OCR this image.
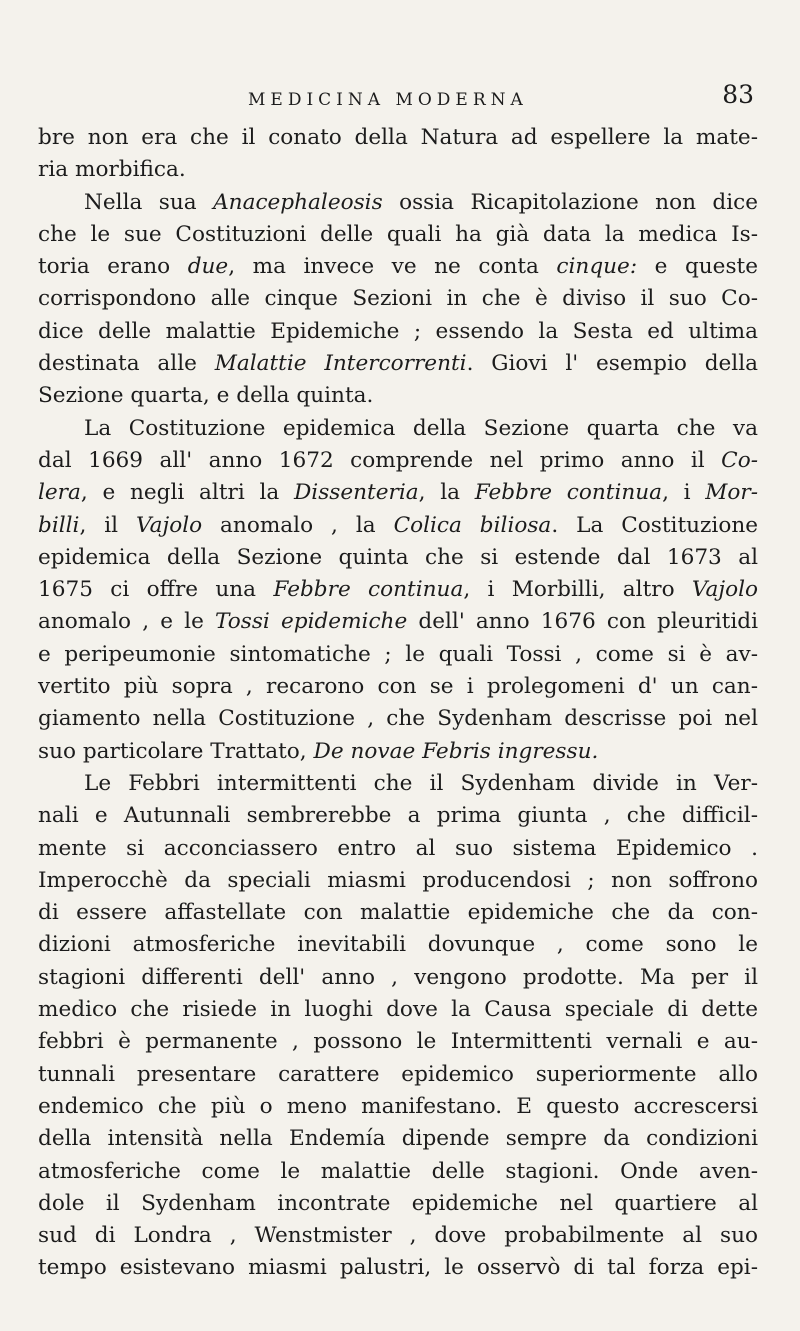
MEDICINA MODERNA	83
bre non era che il conato della Natura ad espellere la mate-
ria morbifica.
Nella sua Anacephaleosis ossia Ricapitolazione non dice
che le sue Costituzioni delle quali ha già data la medica Is-
toria erano due, ma invece ve ne conta cinque: e queste
corrispondono alle cinque Sezioni in che è diviso il suo Co-
dice delle malattie Epidemiche ; essendo la Sesta ed ultima
destinata alle Malattie Intercorrenti. Giovi l' esempio della
Sezione quarta, e della quinta.
La Costituzione epidemica della Sezione quarta che va
dal 1669 all' anno 1672 comprende nel primo anno il Co-
lera, e negli altri la Dissenteria, la Febbre continua, i Mor-
billi, il Vajolo anomalo , la Colica biliosa. La Costituzione
epidemica della Sezione quinta che si estende dal 1673 al
1675 ci offre una Febbre continua, i Morbilli, altro Vajolo
anomalo , e le Tossi epidemiche dell' anno 1676 con pleuritidi
e peripeumonie sintomatiche ; le quali Tossi , come si è av-
vertito più sopra , recarono con se i prolegomeni d' un can-
giamento nella Costituzione , che Sydenham descrisse poi nel
suo particolare Trattato, De novae Febris ingressu.
Le Febbri intermittenti che il Sydenham divide in Ver-
nali e Autunnali sembrerebbe a prima giunta , che difficil-
mente si acconciassero entro al suo sistema Epidemico .
Imperocchè da speciali miasmi producendosi ; non soffrono
di essere affastellate con malattie epidemiche che da con-
dizioni atmosferiche inevitabili dovunque , come sono le
stagioni differenti dell' anno , vengono prodotte. Ma per il
medico che risiede in luoghi dove la Causa speciale di dette
febbri è permanente , possono le Intermittenti vernali e au-
tunnali presentare carattere epidemico superiormente allo
endemico che più o meno manifestano. E questo accrescersi
della intensità nella Endemía dipende sempre da condizioni
atmosferiche come le malattie delle stagioni. Onde aven-
dole il Sydenham incontrate epidemiche nel quartiere al
sud di Londra , Wenstmister , dove probabilmente al suo
tempo esistevano miasmi palustri, le osservò di tal forza epi-
